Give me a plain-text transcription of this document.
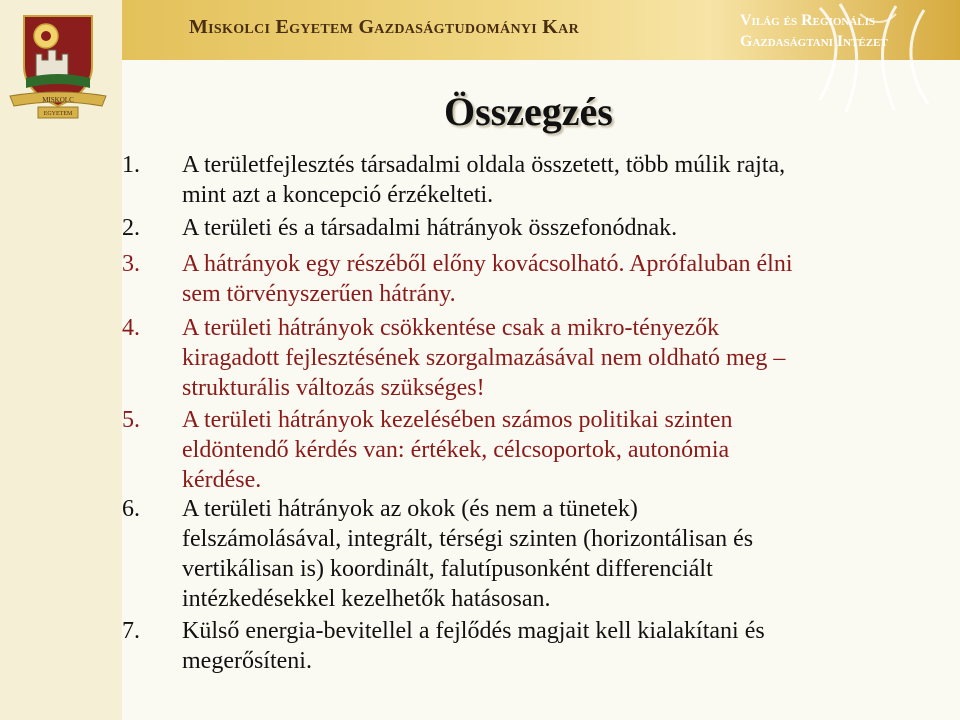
MISKOLC
EGYETEM
Miskolci Egyetem Gazdaságtudományi Kar	Világ és Regionális
Gazdaságtani Intézet
Összegzés
1.	A területfejlesztés társadalmi oldala összetett, több múlik rajta,
mint azt a koncepció érzékelteti.
2.	A területi és a társadalmi hátrányok összefonódnak.
3.	A hátrányok egy részéből előny kovácsolható. Aprófaluban élni
sem törvényszerűen hátrány.
4.	A területi hátrányok csökkentése csak a mikro-tényezők
kiragadott fejlesztésének szorgalmazásával nem oldható meg –
strukturális változás szükséges!
5.	A területi hátrányok kezelésében számos politikai szinten
eldöntendő kérdés van: értékek, célcsoportok, autonómia
kérdése.
6.	A területi hátrányok az okok (és nem a tünetek)
felszámolásával, integrált, térségi szinten (horizontálisan és
vertikálisan is) koordinált, falutípusonként differenciált
intézkedésekkel kezelhetők hatásosan.
7.	Külső energia-bevitellel a fejlődés magjait kell kialakítani és
megerősíteni.
